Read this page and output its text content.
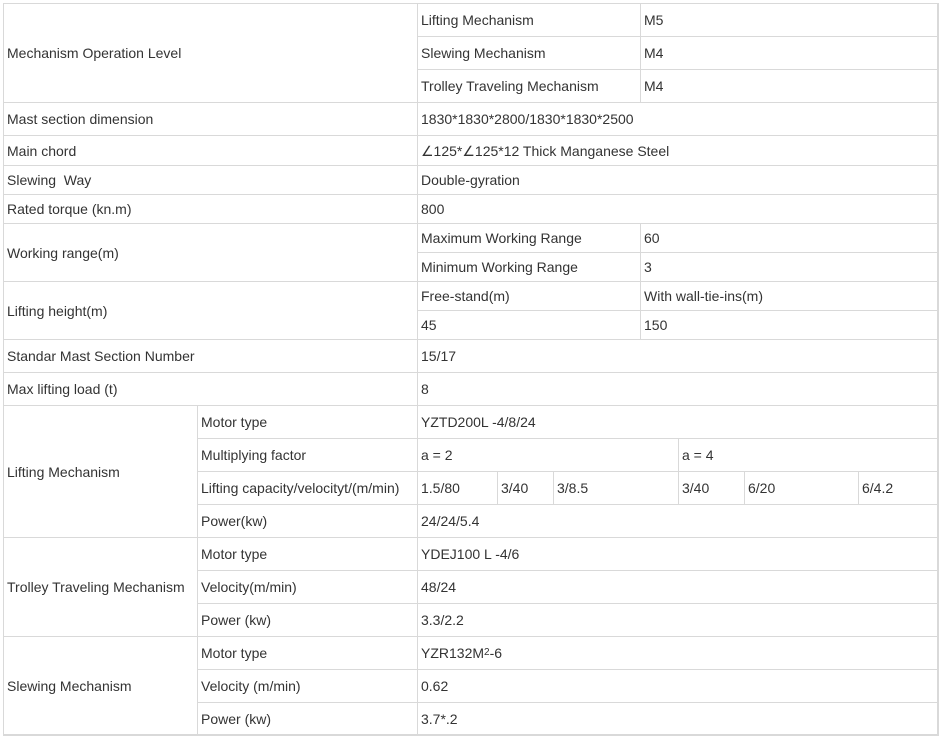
Mechanism Operation Level
Lifting Mechanism	M5
Slewing Mechanism	M4
Trolley Traveling Mechanism	M4
Mast section dimension	1830*1830*2800/1830*1830*2500
Main chord	∠125*∠125*12 Thick Manganese Steel
Slewing  Way	Double-gyration
Rated torque (kn.m)	800
Working range(m)
Maximum Working Range	60
Minimum Working Range	3
Lifting height(m)
Free-stand(m)	With wall-tie-ins(m)
45	150
Standar Mast Section Number	15/17
Max lifting load (t)	8
Lifting Mechanism
Motor type	YZTD200L -4/8/24
Multiplying factor	a = 2	a = 4
Lifting capacity/velocityt/(m/min)	1.5/80	3/40	3/8.5	3/40	6/20	6/4.2
Power(kw)	24/24/5.4
Trolley Traveling Mechanism
Motor type	YDEJ100 L -4/6
Velocity(m/min)	48/24
Power (kw)	3.3/2.2
Slewing Mechanism
Motor type	YZR132M 2 -6
Velocity (m/min)	0.62
Power (kw)	3.7*.2
